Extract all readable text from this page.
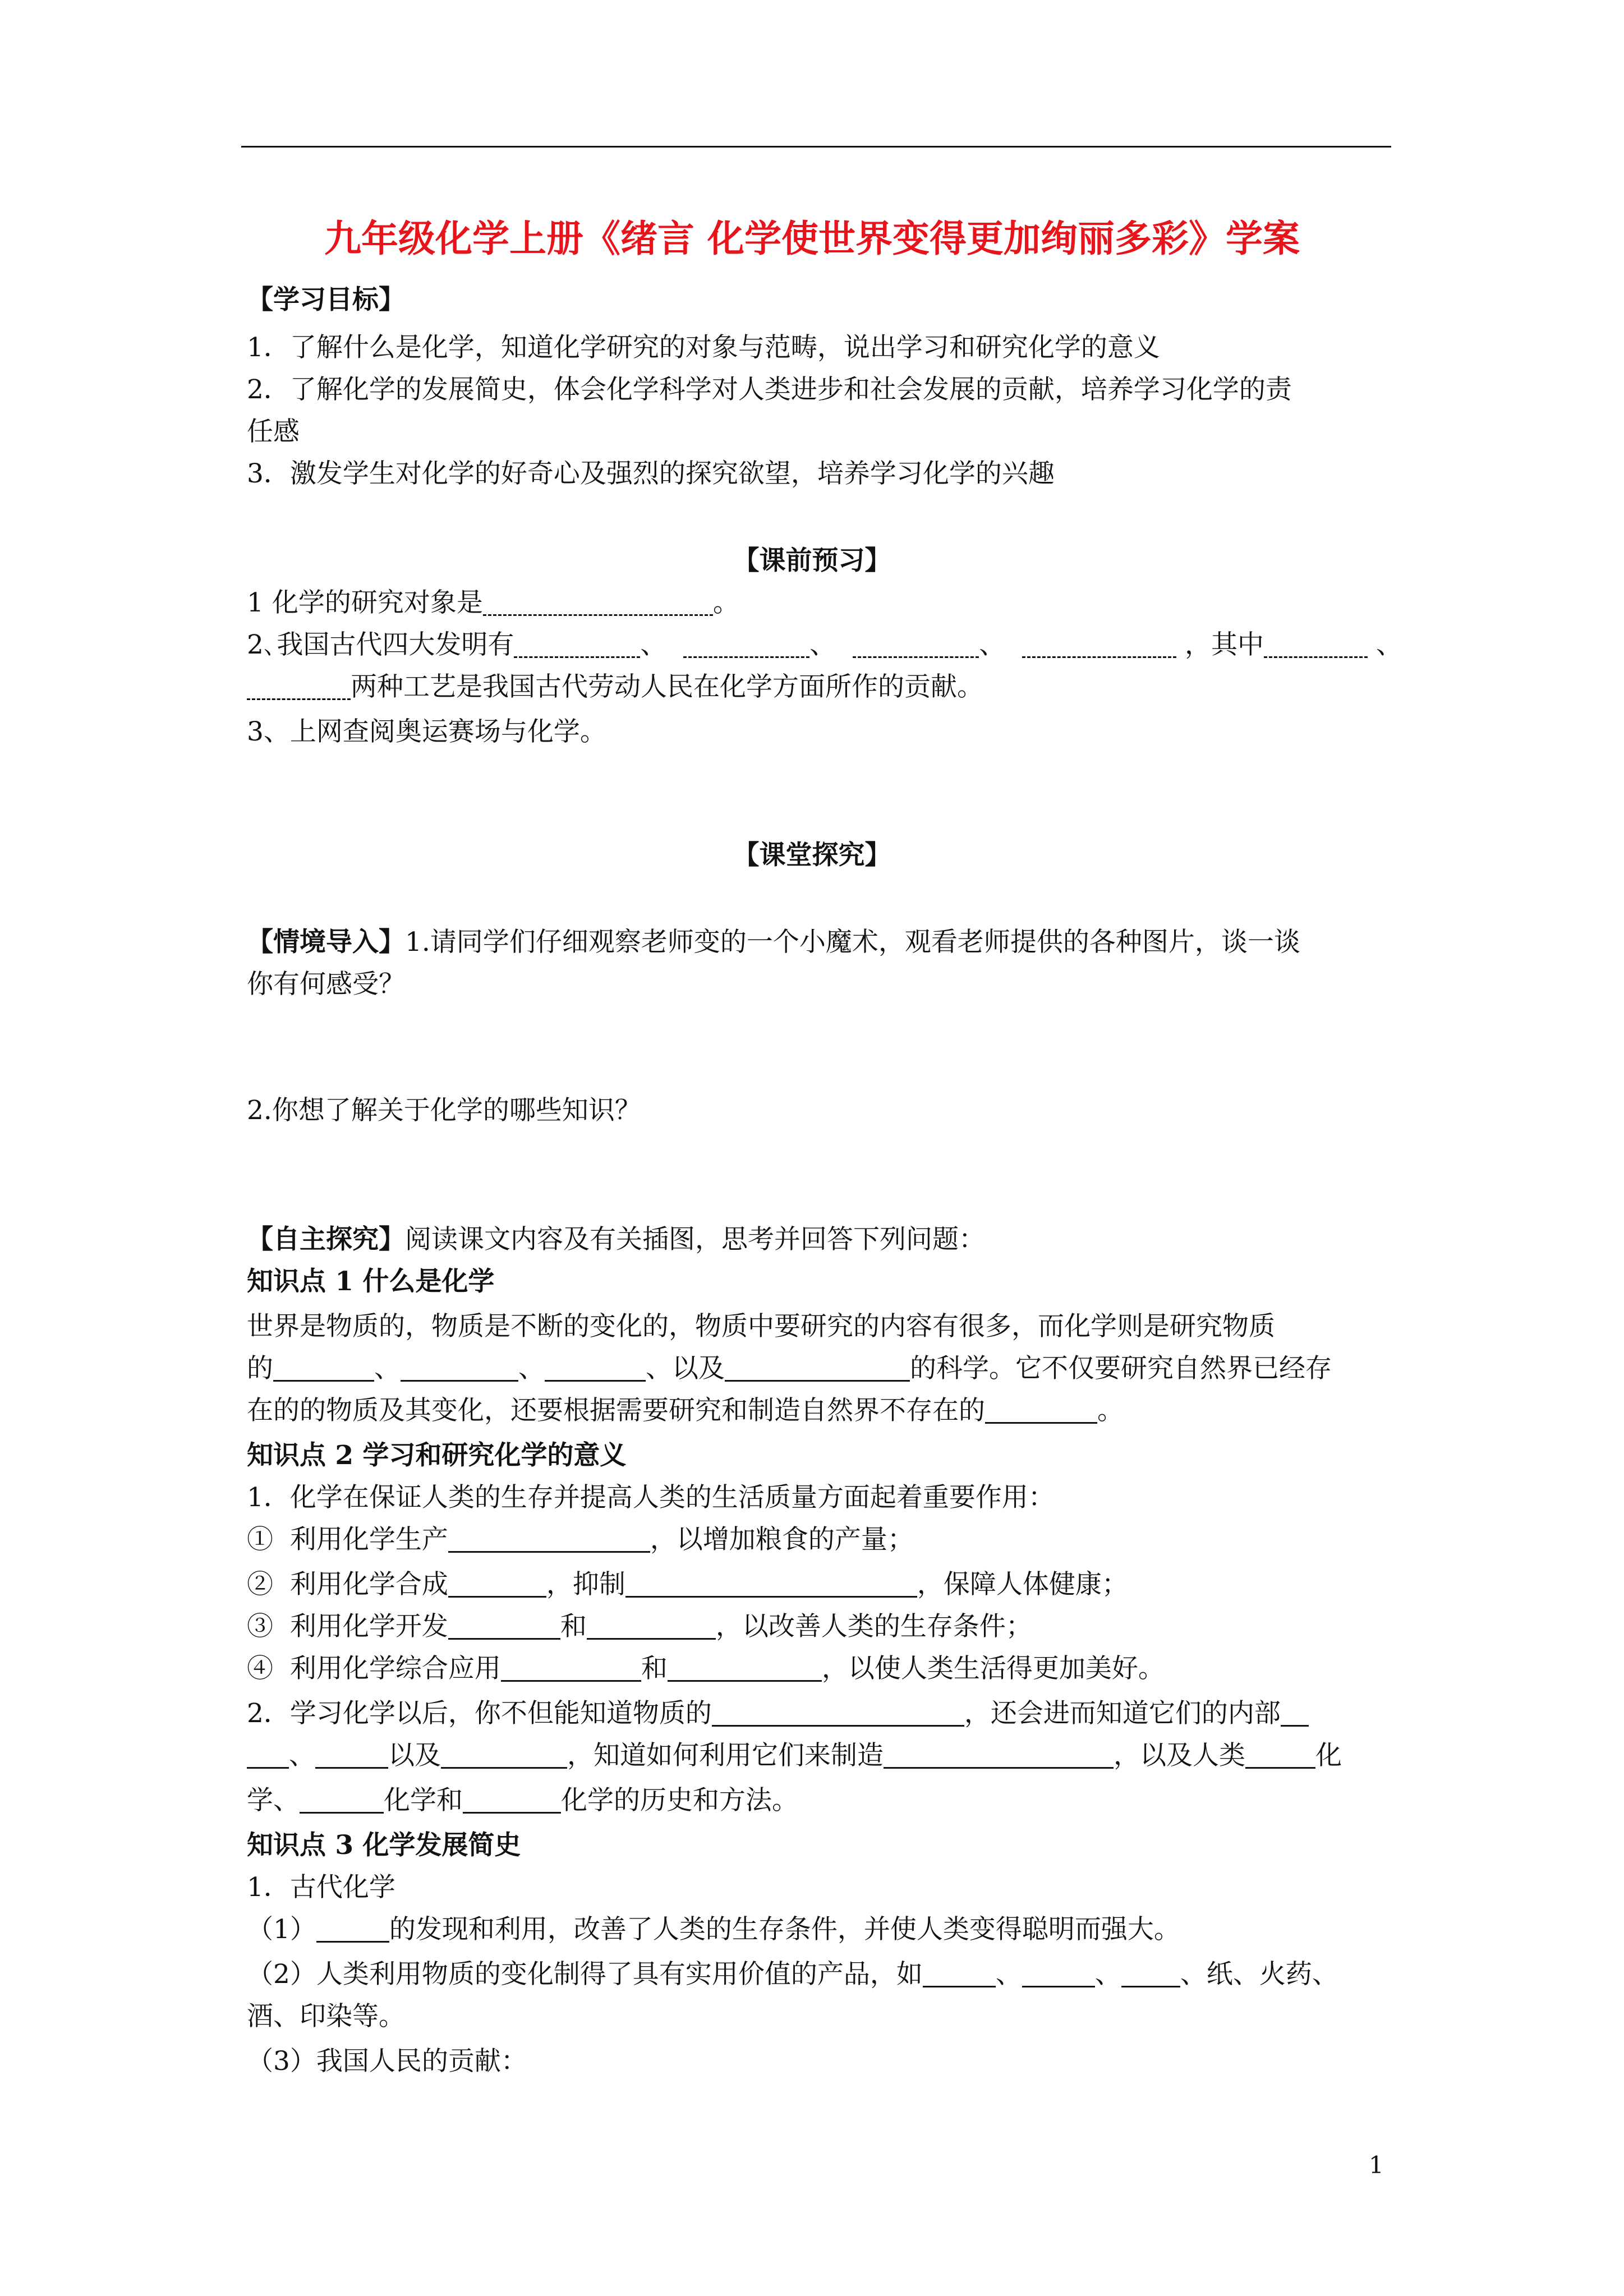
九年级化学上册《绪言 化学使世界变得更加绚丽多彩》学案
【学习目标】
1．了解什么是化学，知道化学研究的对象与范畴，说出学习和研究化学的意义
2．了解化学的发展简史，体会化学科学对人类进步和社会发展的贡献，培养学习化学的责
任感
3．激发学生对化学的好奇心及强烈的探究欲望，培养学习化学的兴趣
【课前预习】
1 化学的研究对象是	。
2､我国古代四大发明有	、	、	、	，其中	、
两种工艺是我国古代劳动人民在化学方面所作的贡献。
3、上网查阅奥运赛场与化学。
【课堂探究】
【情境导入】1.请同学们仔细观察老师变的一个小魔术，观看老师提供的各种图片，谈一谈
你有何感受？
2.你想了解关于化学的哪些知识？
【自主探究】阅读课文内容及有关插图，思考并回答下列问题：
知识点 1 什么是化学
世界是物质的，物质是不断的变化的，物质中要研究的内容有很多，而化学则是研究物质
的	、	、	、以及	的科学。它不仅要研究自然界已经存
在的的物质及其变化，还要根据需要研究和制造自然界不存在的	。
知识点 2 学习和研究化学的意义
1．化学在保证人类的生存并提高人类的生活质量方面起着重要作用：
① 利用化学生产	，以增加粮食的产量；
② 利用化学合成	，抑制	，保障人体健康；
③ 利用化学开发	和	，以改善人类的生存条件；
④ 利用化学综合应用	和	，以使人类生活得更加美好。
2．学习化学以后，你不但能知道物质的	，还会进而知道它们的内部
、	以及	，知道如何利用它们来制造	，以及人类	化
学、	化学和	化学的历史和方法。
知识点 3 化学发展简史
1．古代化学
（1）	的发现和利用，改善了人类的生存条件，并使人类变得聪明而强大。
（2）人类利用物质的变化制得了具有实用价值的产品，如	、	、 、纸、火药、
酒、印染等。
（3）我国人民的贡献：
1
